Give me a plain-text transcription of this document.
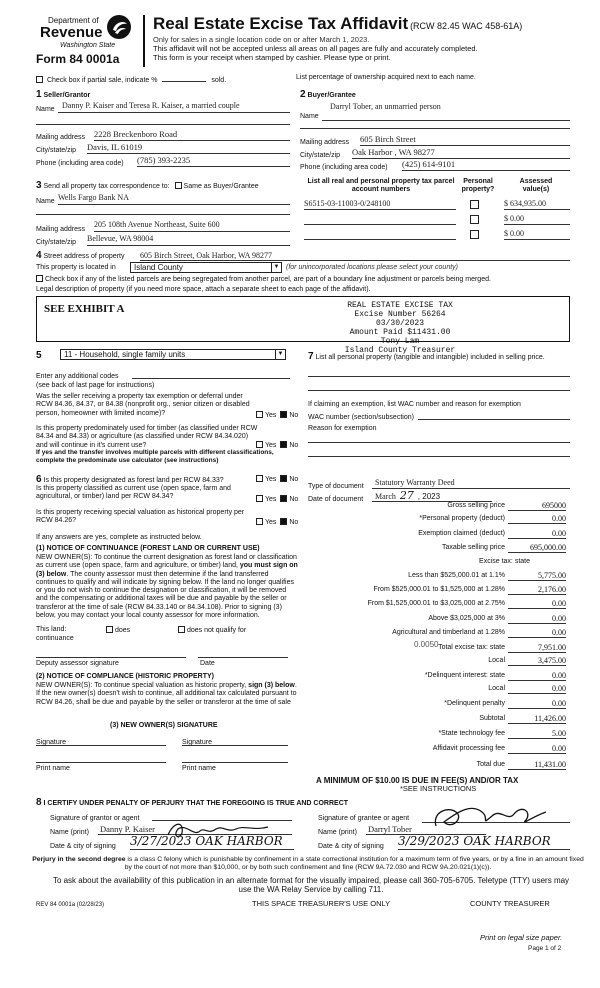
Department of
Revenue
Washington State
Form 84 0001a
Real Estate Excise Tax Affidavit (RCW 82.45 WAC 458-61A)
Only for sales in a single location code on or after March 1, 2023.
This affidavit will not be accepted unless all areas on all pages are fully and accurately completed.
This form is your receipt when stamped by cashier. Please type or print.
Check box if partial sale, indicate %	sold.	List percentage of ownership acquired next to each name.
1 Seller/Grantor
Name Danny P. Kaiser and Teresa R. Kaiser, a married couple
Mailing address 2228 Breckenboro Road
City/state/zip Davis, IL 61019
Phone (including area code) (785) 393-2235
2 Buyer/Grantee
Darryl Tober, an unmarried person
Name
Mailing address 605 Birch Street
City/state/zip Oak Harbor , WA 98277
Phone (including area code) (425) 614-9101
3 Send all property tax correspondence to: Same as Buyer/Grantee
Name Wells Fargo Bank NA
Mailing address
205 108th Avenue Northeast, Suite 600
City/state/zip Bellevue, WA 98004
List all real and personal property tax parcel account numbers
Personal property?
Assessed value(s)
S6515-03-11003-0/248100	$ 634,935.00
$ 0.00
$ 0.00
4 Street address of property 605 Birch Street, Oak Harbor, WA 98277
This property is located in	Island County	▼ (for unincorporated locations please select your county)
Check box if any of the listed parcels are being segregated from another parcel, are part of a boundary line adjustment or parcels being merged.
Legal description of property (if you need more space, attach a separate sheet to each page of the affidavit).
SEE EXHIBIT A	REAL ESTATE EXCISE TAX
Excise Number 56264
03/30/2023
Amount Paid $11431.00
Tony Lam
Island County Treasurer
5	11 - Household, single family units	▼
Enter any additional codes
(see back of last page for instructions)
Was the seller receiving a property tax exemption or deferral under RCW 84.36, 84.37, or 84.38 (nonprofit org., senior citizen or disabled person, homeowner with limited income)?	Yes No
Is this property predominately used for timber (as classified under RCW 84.34 and 84.33) or agriculture (as classified under RCW 84.34.020) and will continue in it's current use?
If yes and the transfer involves multiple parcels with different classifications, complete the predominate use calculator (see instructions)
Yes No
7 List all personal property (tangible and intangible) included in selling price.
If claiming an exemption, list WAC number and reason for exemption
WAC number (section/subsection)
Reason for exemption
6 Is this property designated as forest land per RCW 84.33?	Yes No
Is this property classified as current use (open space, farm and agricultural, or timber) land per RCW 84.34?	Yes No
Is this property receiving special valuation as historical property per RCW 84.26?	Yes No
If any answers are yes, complete as instructed below.
(1) NOTICE OF CONTINUANCE (FOREST LAND OR CURRENT USE)
NEW OWNER(S): To continue the current designation as forest land or classification as current use (open space, farm and agriculture, or timber) land, you must sign on (3) below. The county assessor must then determine if the land transferred continues to qualify and will indicate by signing below. If the land no longer qualifies or you do not wish to continue the designation or classification, it will be removed and the compensating or additional taxes will be due and payable by the seller or transferor at the time of sale (RCW 84.33.140 or 84.34.108). Prior to signing (3) below, you may contact your local county assessor for more information.
This land:	does	does not qualify for
continuance
Deputy assessor signature	Date
(2) NOTICE OF COMPLIANCE (HISTORIC PROPERTY)
NEW OWNER(S): To continue special valuation as historic property, sign (3) below. If the new owner(s) doesn't wish to continue, all additional tax calculated pursuant to RCW 84.26, shall be due and payable by the seller or transferor at the time of sale
(3) NEW OWNER(S) SIGNATURE
Signature	Signature
Print name	Print name
Type of document	Statutory Warranty Deed
Date of document	March 27 , 2023
Gross selling price	695000
*Personal property (deduct)	0.00
Exemption claimed (deduct)	0.00
Taxable selling price	695,000.00
Excise tax: state
Less than $525,000.01 at 1.1%	5,775.00
From $525,000.01 to $1,525,000 at 1.28%	2,176.00
From $1,525,000.01 to $3,025,000 at 2.75%	0.00
Above $3,025,000 at 3%	0.00
Agricultural and timberland at 1.28%	0.00
Total excise tax: state	7,951.00
Local	3,475.00
*Delinquent interest: state	0.00
Local	0.00
*Delinquent penalty	0.00
Subtotal	11,426.00
*State technology fee	5.00
Affidavit processing fee	0.00
Total due	11,431.00
0.0050
A MINIMUM OF $10.00 IS DUE IN FEE(S) AND/OR TAX
*SEE INSTRUCTIONS
8 I CERTIFY UNDER PENALTY OF PERJURY THAT THE FOREGOING IS TRUE AND CORRECT
Signature of grantor or agent
Name (print) Danny P. Kaiser
Date & city of signing 3/27/2023 OAK HARBOR
Signature of grantee or agent
Name (print) Darryl Tober
Date & city of signing 3/29/2023 OAK HARBOR
Perjury in the second degree is a class C felony which is punishable by confinement in a state correctional institution for a maximum term of five years, or by a fine in an amount fixed by the court of not more than $10,000, or by both such confinement and fine (RCW 9A.72.030 and RCW 9A.20.021(1)(c)).
To ask about the availability of this publication in an alternate format for the visually impaired, please call 360-705-6705. Teletype (TTY) users may use the WA Relay Service by calling 711.
REV 84 0001a (02/28/23)	THIS SPACE TREASURER'S USE ONLY	COUNTY TREASURER
Print on legal size paper.
Page 1 of 2
